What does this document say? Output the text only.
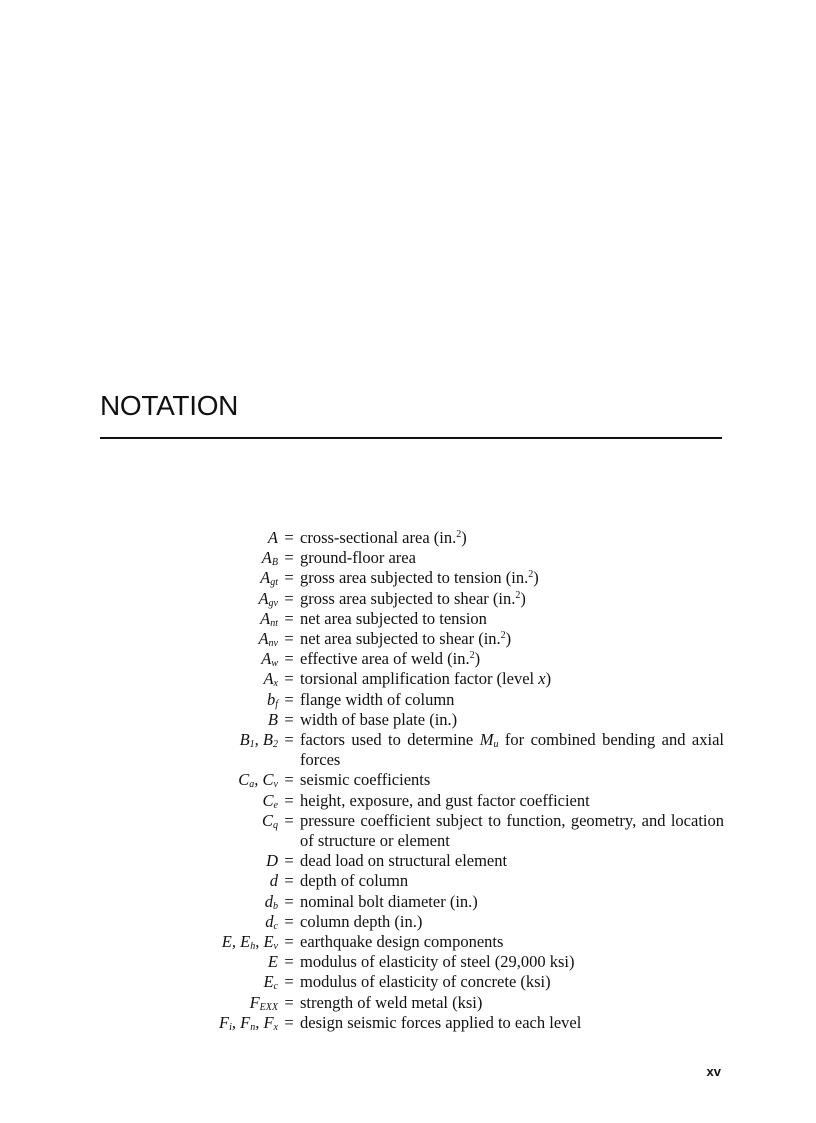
NOTATION
A = cross-sectional area (in.$^2$)
$A_B$ = ground-floor area
$A_{gt}$ = gross area subjected to tension (in.$^2$)
$A_{gv}$ = gross area subjected to shear (in.$^2$)
$A_{nt}$ = net area subjected to tension
$A_{nv}$ = net area subjected to shear (in.$^2$)
$A_w$ = effective area of weld (in.$^2$)
$A_x$ = torsional amplification factor (level x)
$b_f$ = flange width of column
B = width of base plate (in.)
$B_1$, $B_2$ = factors used to determine $M_u$ for combined bending and axial forces
$C_a$, $C_v$ = seismic coefficients
$C_e$ = height, exposure, and gust factor coefficient
$C_q$ = pressure coefficient subject to function, geometry, and location of structure or element
D = dead load on structural element
d = depth of column
$d_b$ = nominal bolt diameter (in.)
$d_c$ = column depth (in.)
E, $E_h$, $E_v$ = earthquake design components
E = modulus of elasticity of steel (29,000 ksi)
$E_c$ = modulus of elasticity of concrete (ksi)
$F_{EXX}$ = strength of weld metal (ksi)
$F_i$, $F_n$, $F_x$ = design seismic forces applied to each level
xv
